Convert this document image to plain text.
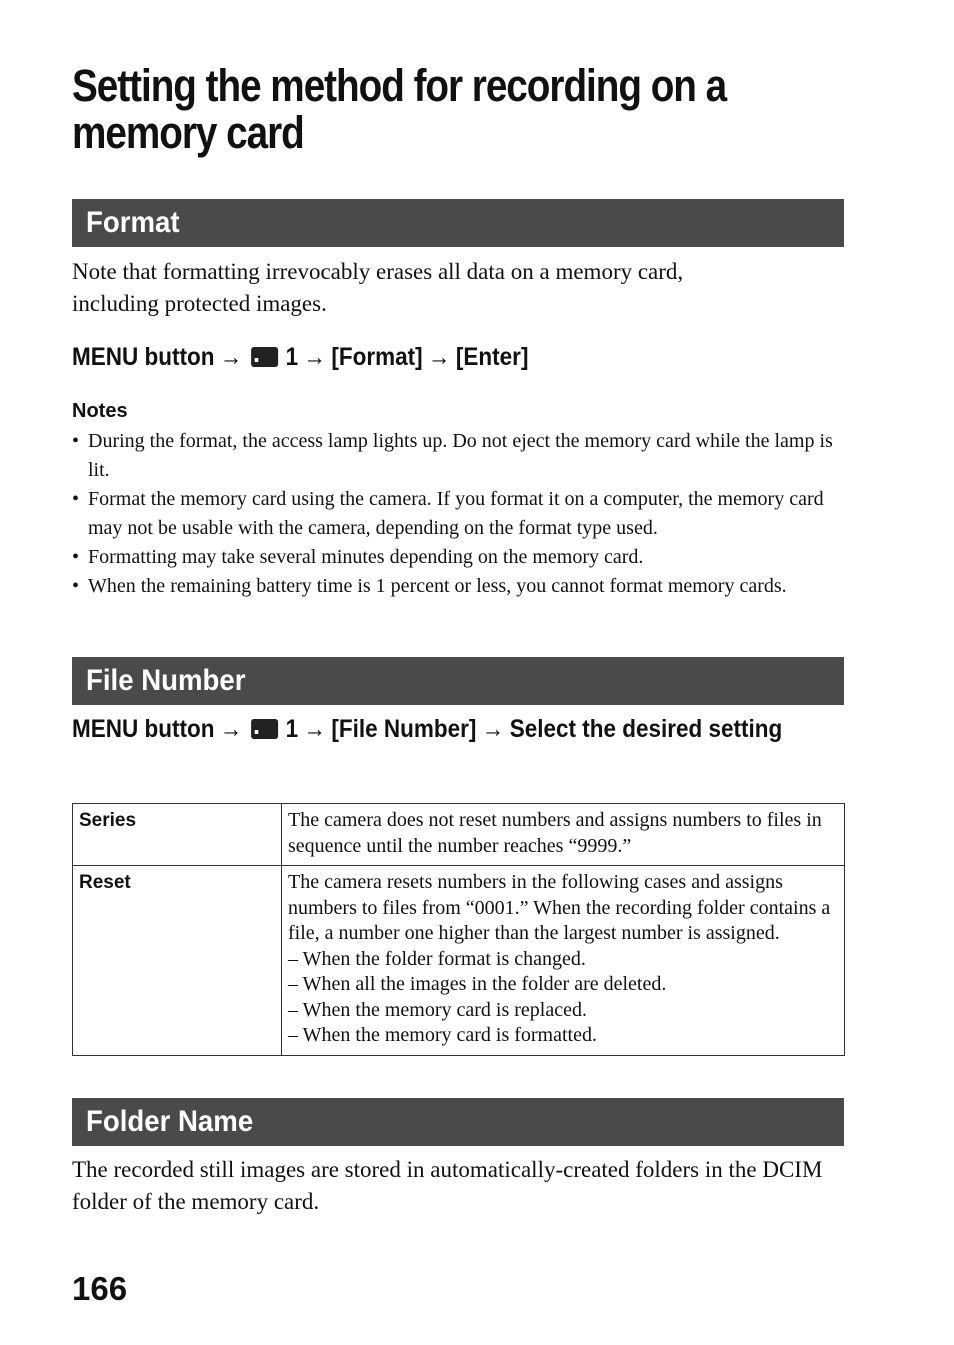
Setting the method for recording on a memory card
Format

Note that formatting irrevocably erases all data on a memory card, including protected images.

MENU button → 1 → [Format] → [Enter]

Notes

• During the format, the access lamp lights up. Do not eject the memory card while the lamp is lit.
• Format the memory card using the camera. If you format it on a computer, the memory card may not be usable with the camera, depending on the format type used.
• Formatting may take several minutes depending on the memory card.
• When the remaining battery time is 1 percent or less, you cannot format memory cards.
File Number

MENU button → 1 → [File Number] → Select the desired setting

Series	The camera does not reset numbers and assigns numbers to files in sequence until the number reaches “9999.”

Reset	The camera resets numbers in the following cases and assigns numbers to files from “0001.” When the recording folder contains a file, a number one higher than the largest number is assigned.
– When the folder format is changed.
– When all the images in the folder are deleted.
– When the memory card is replaced.
– When the memory card is formatted.
Folder Name

The recorded still images are stored in automatically-created folders in the DCIM folder of the memory card.

166
